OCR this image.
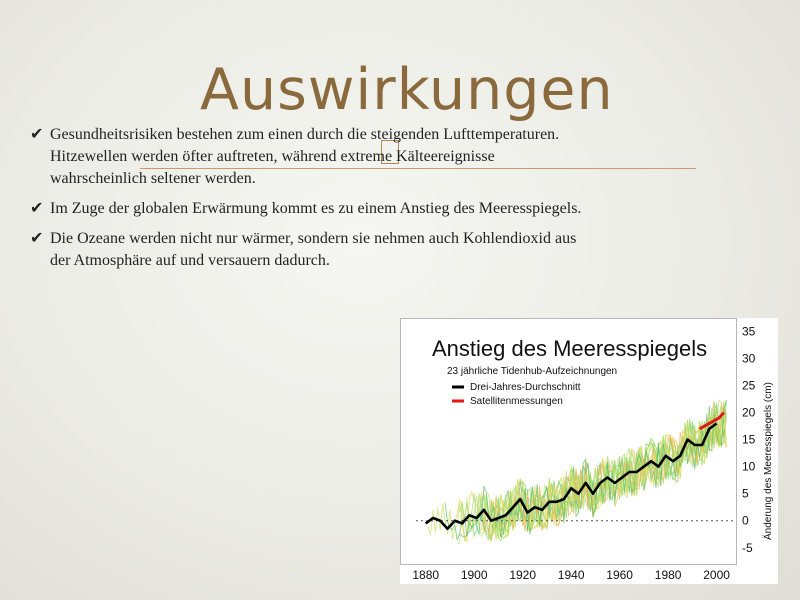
Auswirkungen
✔ Gesundheitsrisiken bestehen zum einen durch die steigenden Lufttemperaturen. Hitzewellen werden öfter auftreten, während extreme Kälteereignisse wahrscheinlich seltener werden.
✔ Im Zuge der globalen Erwärmung kommt es zu einem Anstieg des Meeresspiegels.
✔ Die Ozeane werden nicht nur wärmer, sondern sie nehmen auch Kohlendioxid aus der Atmosphäre auf und versauern dadurch.
Anstieg des Meeresspiegels
23 jährliche Tidenhub-Aufzeichnungen
Drei-Jahres-Durchschnitt
Satellitenmessungen
-5
0
5
10
15
20
25
30
35
1880 1900 1920 1940 1960 1980 2000
Änderung des Meeresspiegels (cm)
